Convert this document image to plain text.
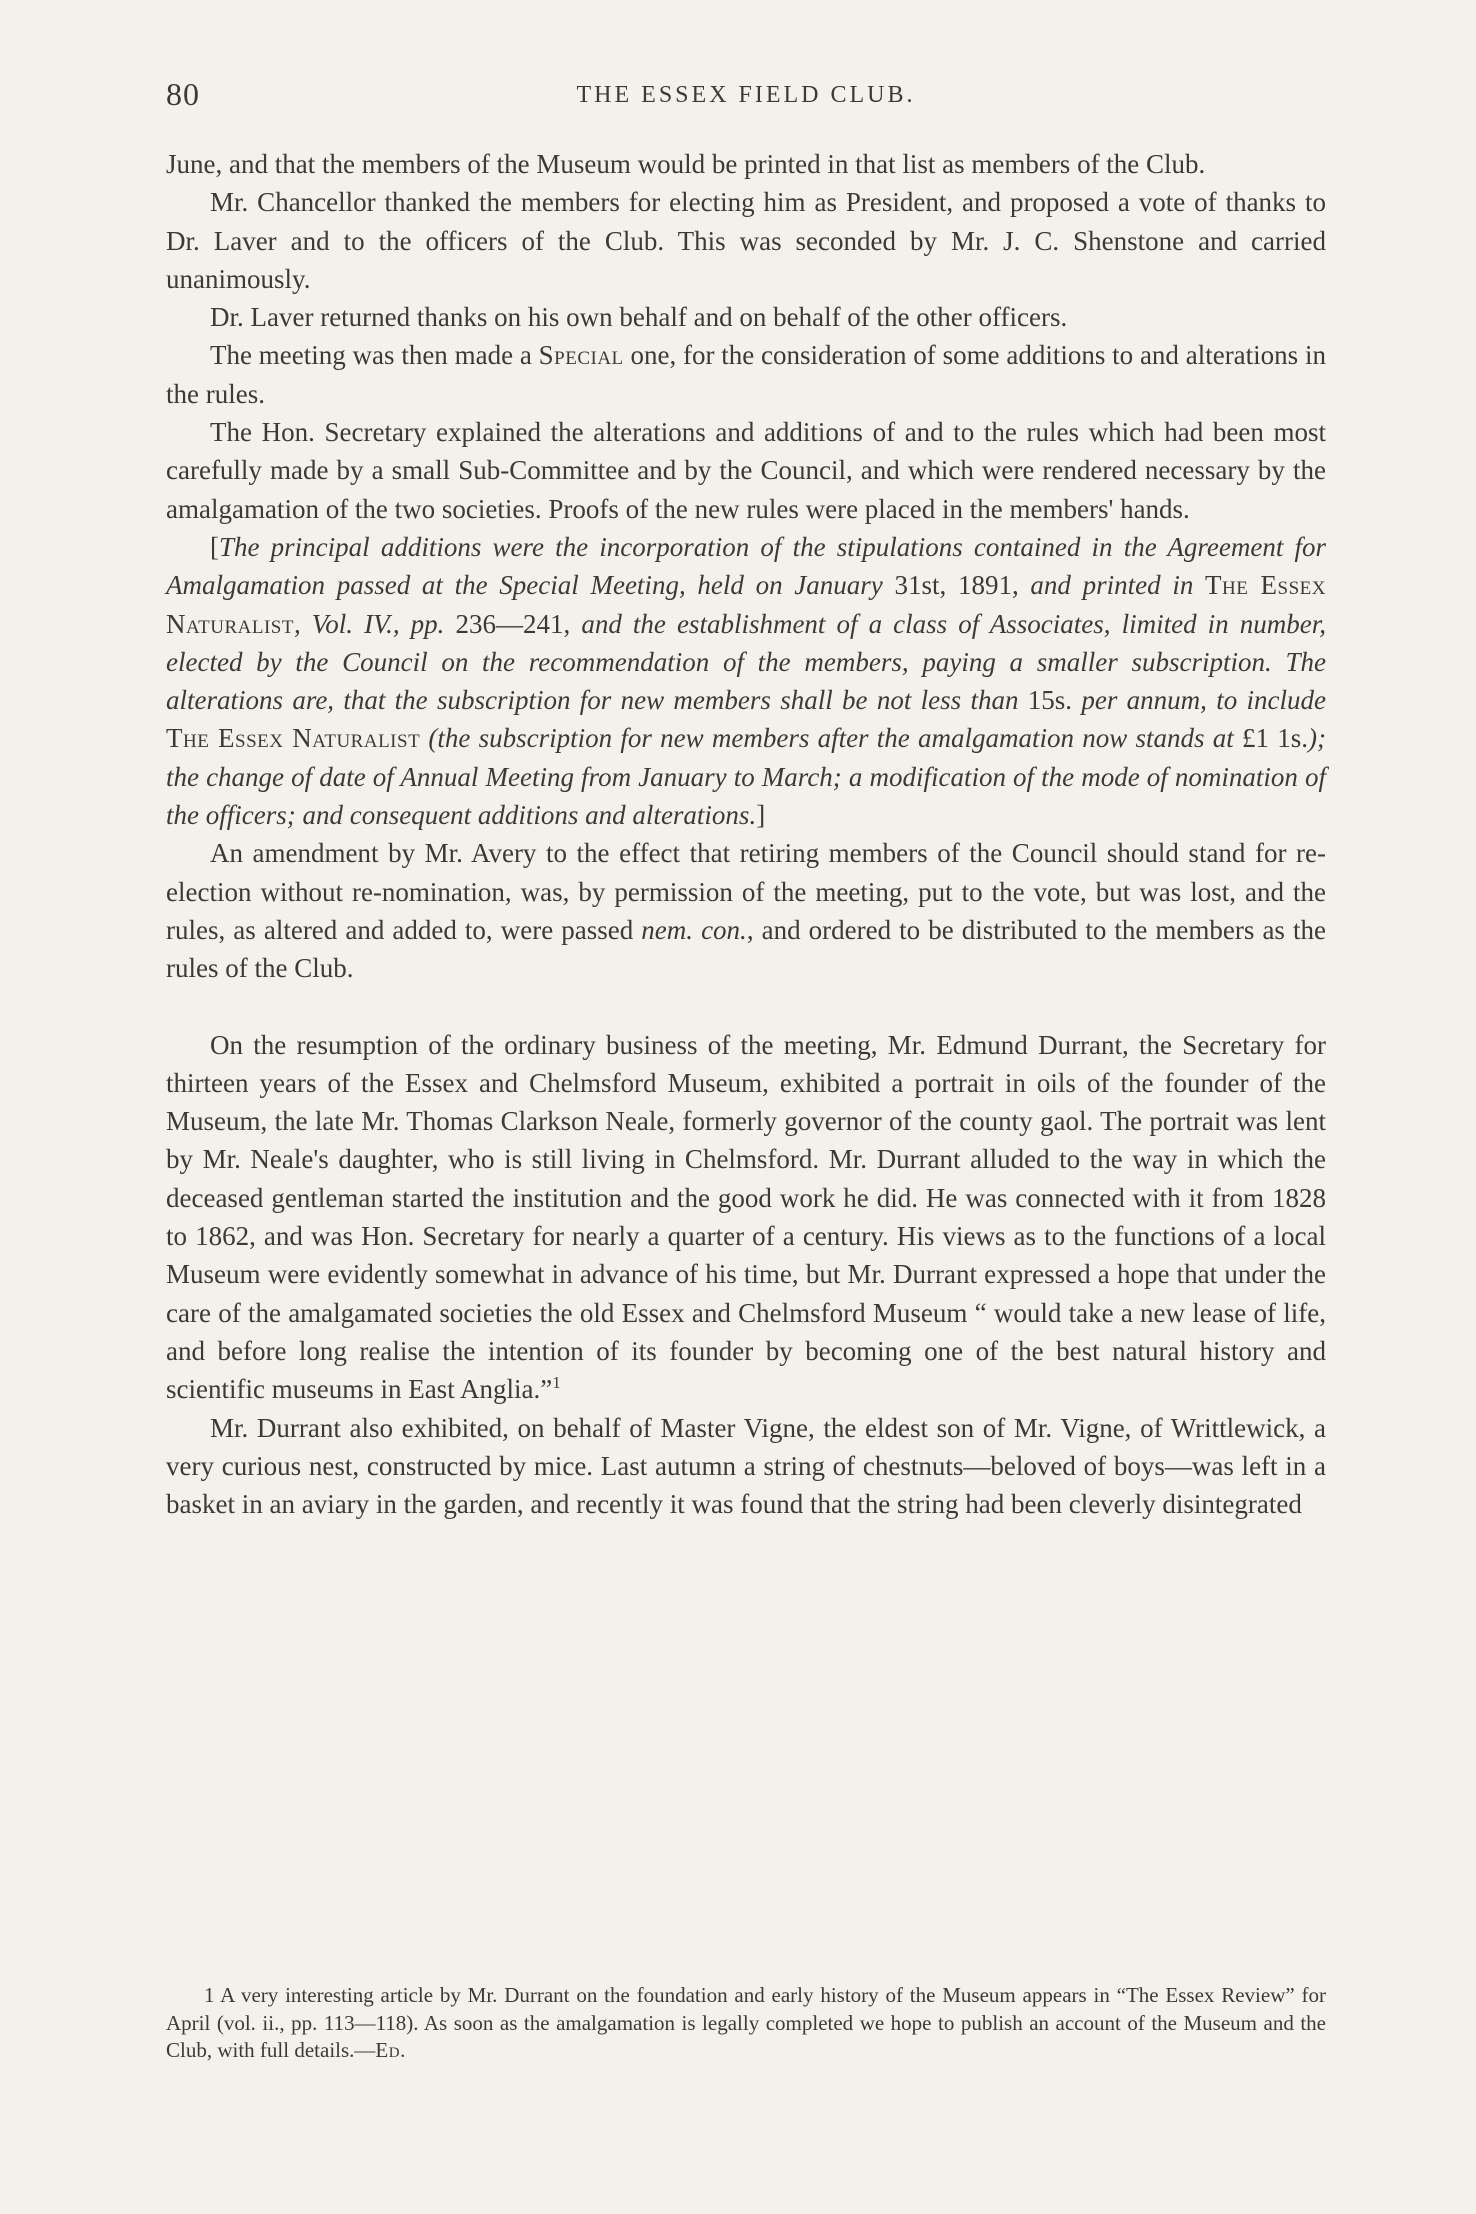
80	THE ESSEX FIELD CLUB.

June, and that the members of the Museum would be printed in that list as members of the Club.

Mr. Chancellor thanked the members for electing him as President, and proposed a vote of thanks to Dr. Laver and to the officers of the Club. This was seconded by Mr. J. C. Shenstone and carried unanimously.

Dr. Laver returned thanks on his own behalf and on behalf of the other officers.

The meeting was then made a Special one, for the consideration of some additions to and alterations in the rules.

The Hon. Secretary explained the alterations and additions of and to the rules which had been most carefully made by a small Sub-Committee and by the Council, and which were rendered necessary by the amalgamation of the two societies. Proofs of the new rules were placed in the members' hands.

[The principal additions were the incorporation of the stipulations contained in the Agreement for Amalgamation passed at the Special Meeting, held on January 31st, 1891, and printed in The Essex Naturalist, Vol. IV., pp. 236—241, and the establishment of a class of Associates, limited in number, elected by the Council on the recommendation of the members, paying a smaller subscription. The alterations are, that the subscription for new members shall be not less than 15s. per annum, to include The Essex Naturalist (the subscription for new members after the amalgamation now stands at £1 1s.); the change of date of Annual Meeting from January to March; a modification of the mode of nomination of the officers; and consequent additions and alterations.]

An amendment by Mr. Avery to the effect that retiring members of the Council should stand for re-election without re-nomination, was, by permission of the meeting, put to the vote, but was lost, and the rules, as altered and added to, were passed nem. con., and ordered to be distributed to the members as the rules of the Club.

On the resumption of the ordinary business of the meeting, Mr. Edmund Durrant, the Secretary for thirteen years of the Essex and Chelmsford Museum, exhibited a portrait in oils of the founder of the Museum, the late Mr. Thomas Clarkson Neale, formerly governor of the county gaol. The portrait was lent by Mr. Neale's daughter, who is still living in Chelmsford. Mr. Durrant alluded to the way in which the deceased gentleman started the institution and the good work he did. He was connected with it from 1828 to 1862, and was Hon. Secretary for nearly a quarter of a century. His views as to the functions of a local Museum were evidently somewhat in advance of his time, but Mr. Durrant expressed a hope that under the care of the amalgamated societies the old Essex and Chelmsford Museum “ would take a new lease of life, and before long realise the intention of its founder by becoming one of the best natural history and scientific museums in East Anglia.”$^1$

Mr. Durrant also exhibited, on behalf of Master Vigne, the eldest son of Mr. Vigne, of Writtlewick, a very curious nest, constructed by mice. Last autumn a string of chestnuts—beloved of boys—was left in a basket in an aviary in the garden, and recently it was found that the string had been cleverly disintegrated

1 A very interesting article by Mr. Durrant on the foundation and early history of the Museum appears in “The Essex Review” for April (vol. ii., pp. 113—118). As soon as the amalgamation is legally completed we hope to publish an account of the Museum and the Club, with full details.—Ed.
